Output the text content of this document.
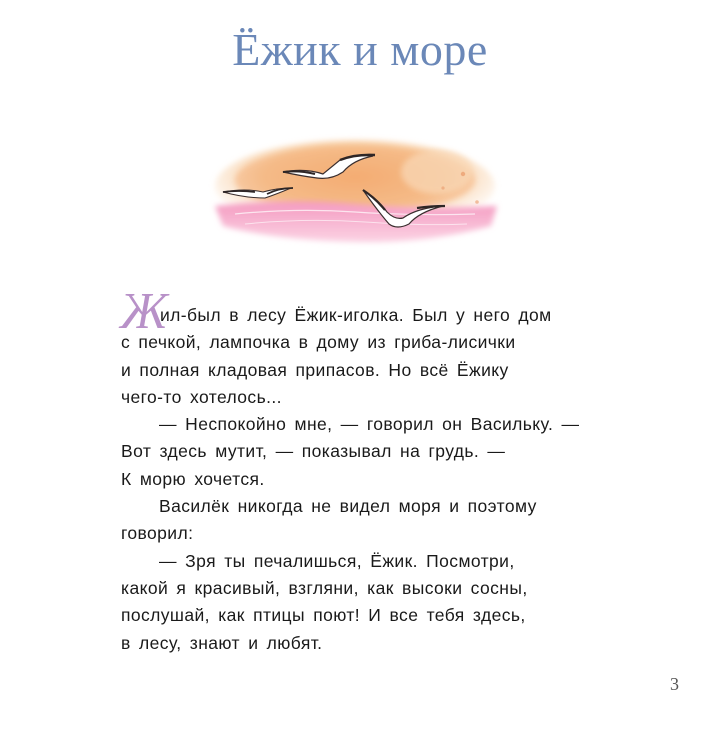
Ёжик и море
Ж
ил-был в лесу Ёжик-иголка. Был у него дом
с печкой, лампочка в дому из гриба-лисички
и полная кладовая припасов. Но всё Ёжику
чего-то хотелось...
— Неспокойно мне, — говорил он Васильку. —
Вот здесь мутит, — показывал на грудь. —
К морю хочется.
Василёк никогда не видел моря и поэтому
говорил:
— Зря ты печалишься, Ёжик. Посмотри,
какой я красивый, взгляни, как высоки сосны,
послушай, как птицы поют! И все тебя здесь,
в лесу, знают и любят.
3
